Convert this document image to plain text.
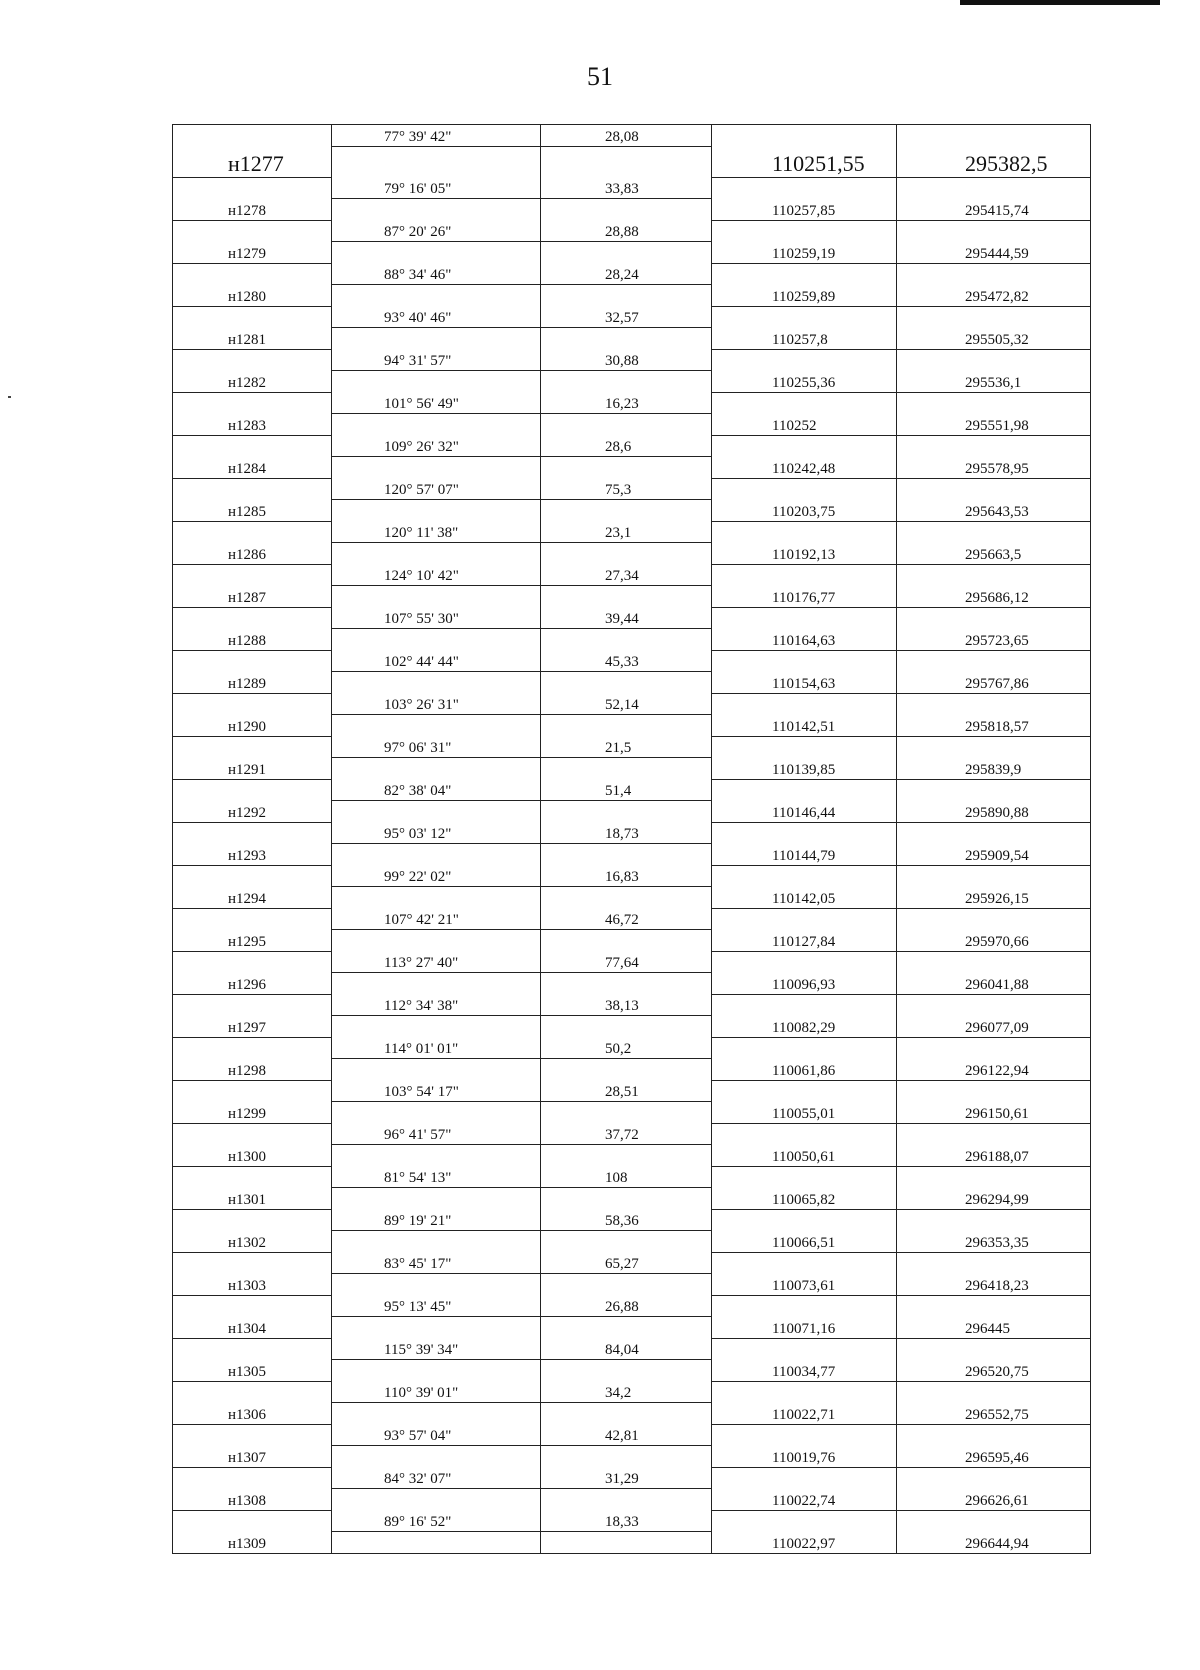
51
	77° 39' 42"	28,08		
н1277			110251,55	295382,5
	79° 16' 05"	33,83		
н1278			110257,85	295415,74
	87° 20' 26"	28,88		
н1279			110259,19	295444,59
	88° 34' 46"	28,24		
н1280			110259,89	295472,82
	93° 40' 46"	32,57		
н1281			110257,8	295505,32
	94° 31' 57"	30,88		
н1282			110255,36	295536,1
	101° 56' 49"	16,23		
н1283			110252	295551,98
	109° 26' 32"	28,6		
н1284			110242,48	295578,95
	120° 57' 07"	75,3		
н1285			110203,75	295643,53
	120° 11' 38"	23,1		
н1286			110192,13	295663,5
	124° 10' 42"	27,34		
н1287			110176,77	295686,12
	107° 55' 30"	39,44		
н1288			110164,63	295723,65
	102° 44' 44"	45,33		
н1289			110154,63	295767,86
	103° 26' 31"	52,14		
н1290			110142,51	295818,57
	97° 06' 31"	21,5		
н1291			110139,85	295839,9
	82° 38' 04"	51,4		
н1292			110146,44	295890,88
	95° 03' 12"	18,73		
н1293			110144,79	295909,54
	99° 22' 02"	16,83		
н1294			110142,05	295926,15
	107° 42' 21"	46,72		
н1295			110127,84	295970,66
	113° 27' 40"	77,64		
н1296			110096,93	296041,88
	112° 34' 38"	38,13		
н1297			110082,29	296077,09
	114° 01' 01"	50,2		
н1298			110061,86	296122,94
	103° 54' 17"	28,51		
н1299			110055,01	296150,61
	96° 41' 57"	37,72		
н1300			110050,61	296188,07
	81° 54' 13"	108		
н1301			110065,82	296294,99
	89° 19' 21"	58,36		
н1302			110066,51	296353,35
	83° 45' 17"	65,27		
н1303			110073,61	296418,23
	95° 13' 45"	26,88		
н1304			110071,16	296445
	115° 39' 34"	84,04		
н1305			110034,77	296520,75
	110° 39' 01"	34,2		
н1306			110022,71	296552,75
	93° 57' 04"	42,81		
н1307			110019,76	296595,46
	84° 32' 07"	31,29		
н1308			110022,74	296626,61
	89° 16' 52"	18,33		
н1309			110022,97	296644,94
